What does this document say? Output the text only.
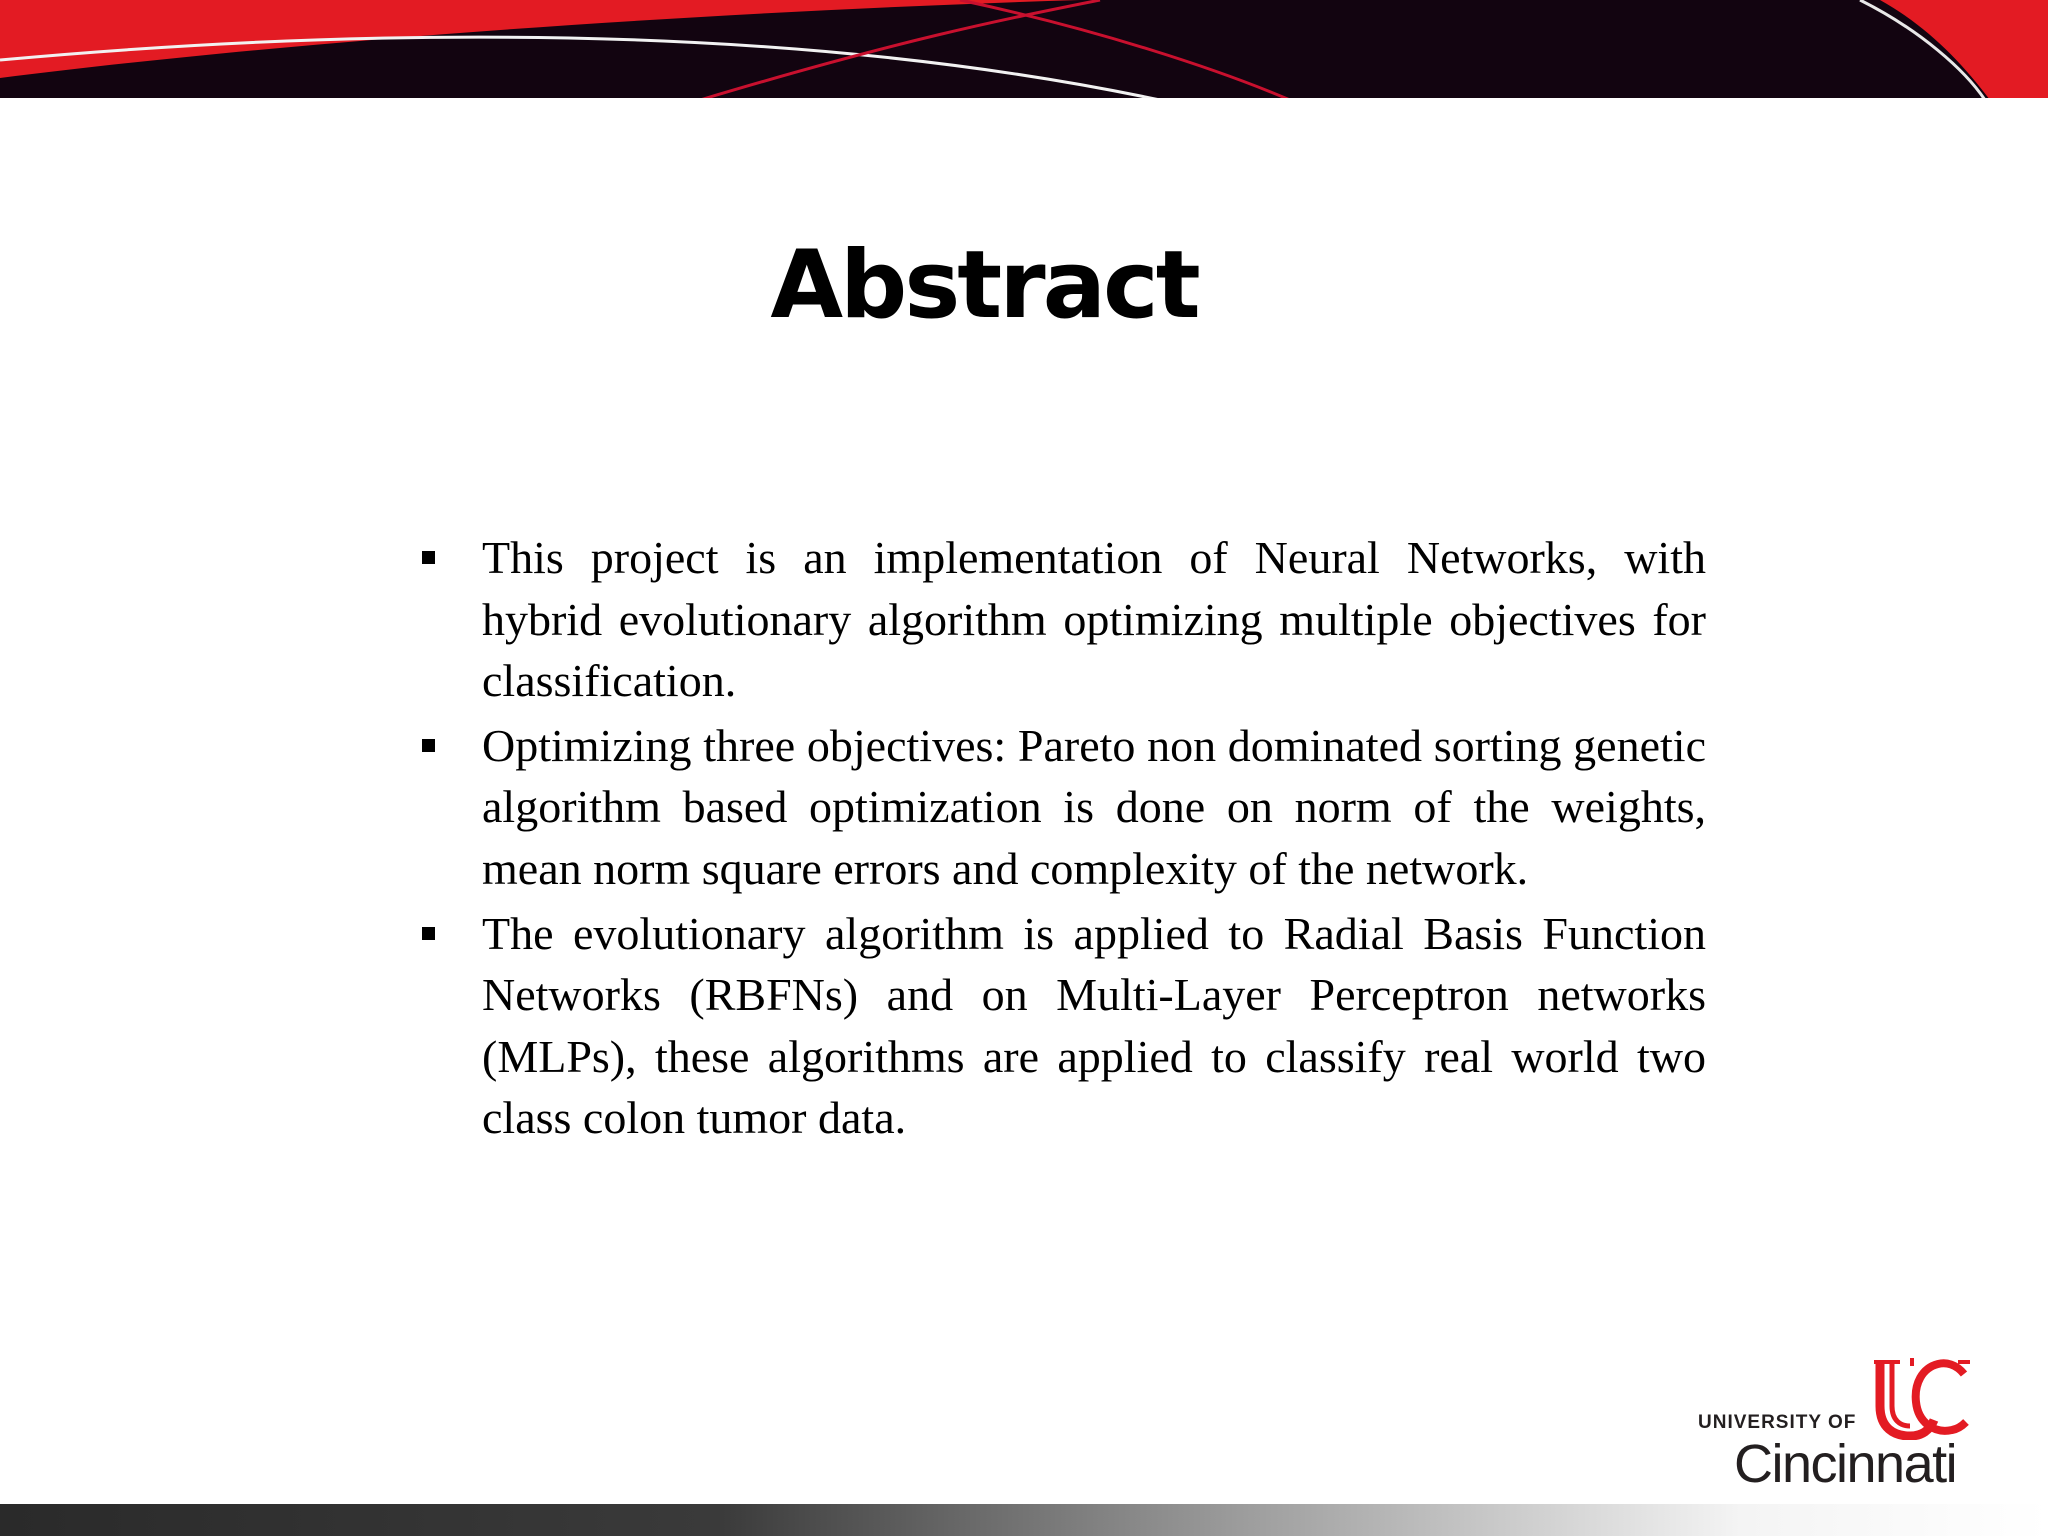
Abstract
This project is an implementation of Neural Networks, with hybrid evolutionary algorithm optimizing multiple objectives for classification.
Optimizing three objectives: Pareto non dominated sorting genetic algorithm based optimization is done on norm of the weights, mean norm square errors and complexity of the network.
The evolutionary algorithm is applied to Radial Basis Function Networks (RBFNs) and on Multi-Layer Perceptron networks (MLPs), these algorithms are applied to classify real world two class colon tumor data.
UNIVERSITY OF
Cincinnati
